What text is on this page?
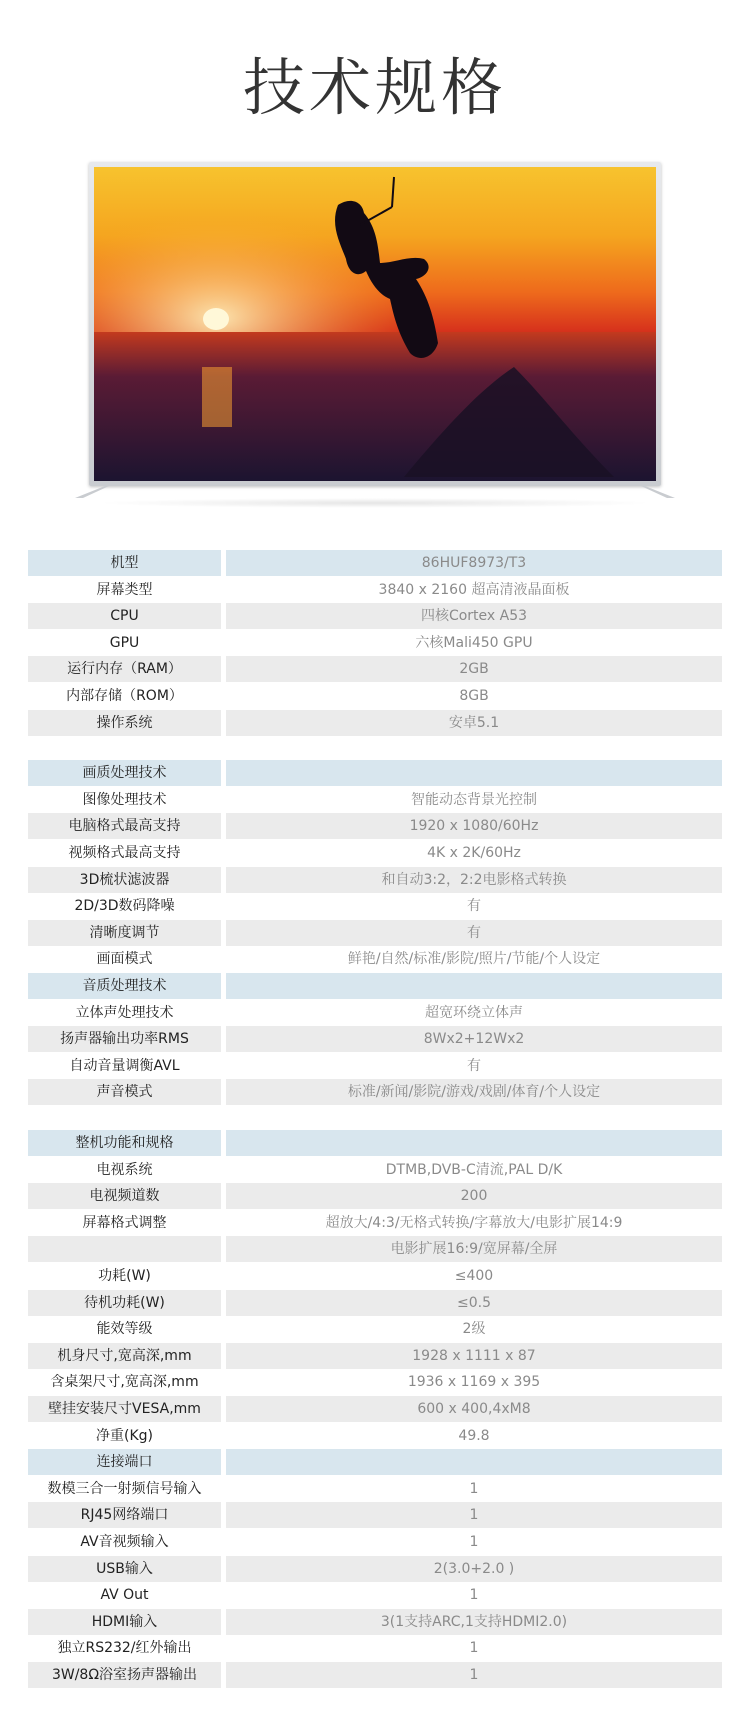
技术规格
机型	86HUF8973/T3
屏幕类型	3840 x 2160 超高清液晶面板
CPU	四核Cortex A53
GPU	六核Mali450 GPU
运行内存（RAM）	2GB
内部存储（ROM）	8GB
操作系统	安卓5.1
画质处理技术
图像处理技术	智能动态背景光控制
电脑格式最高支持	1920 x 1080/60Hz
视频格式最高支持	4K x 2K/60Hz
3D梳状滤波器	和自动3:2，2:2电影格式转换
2D/3D数码降噪	有
清晰度调节	有
画面模式	鲜艳/自然/标准/影院/照片/节能/个人设定
音质处理技术
立体声处理技术	超宽环绕立体声
扬声器输出功率RMS	8Wx2+12Wx2
自动音量调衡AVL	有
声音模式	标准/新闻/影院/游戏/戏剧/体育/个人设定
整机功能和规格
电视系统	DTMB,DVB-C清流,PAL D/K
电视频道数	200
屏幕格式调整	超放大/4:3/无格式转换/字幕放大/电影扩展14:9
电影扩展16:9/宽屏幕/全屏
功耗(W)	≤400
待机功耗(W)	≤0.5
能效等级	2级
机身尺寸,宽高深,mm	1928 x 1111 x 87
含桌架尺寸,宽高深,mm	1936 x 1169 x 395
壁挂安装尺寸VESA,mm	600 x 400,4xM8
净重(Kg)	49.8
连接端口
数模三合一射频信号输入	1
RJ45网络端口	1
AV音视频输入	1
USB输入	2(3.0+2.0 )
AV Out	1
HDMI输入	3(1支持ARC,1支持HDMI2.0)
独立RS232/红外输出	1
3W/8Ω浴室扬声器输出	1
